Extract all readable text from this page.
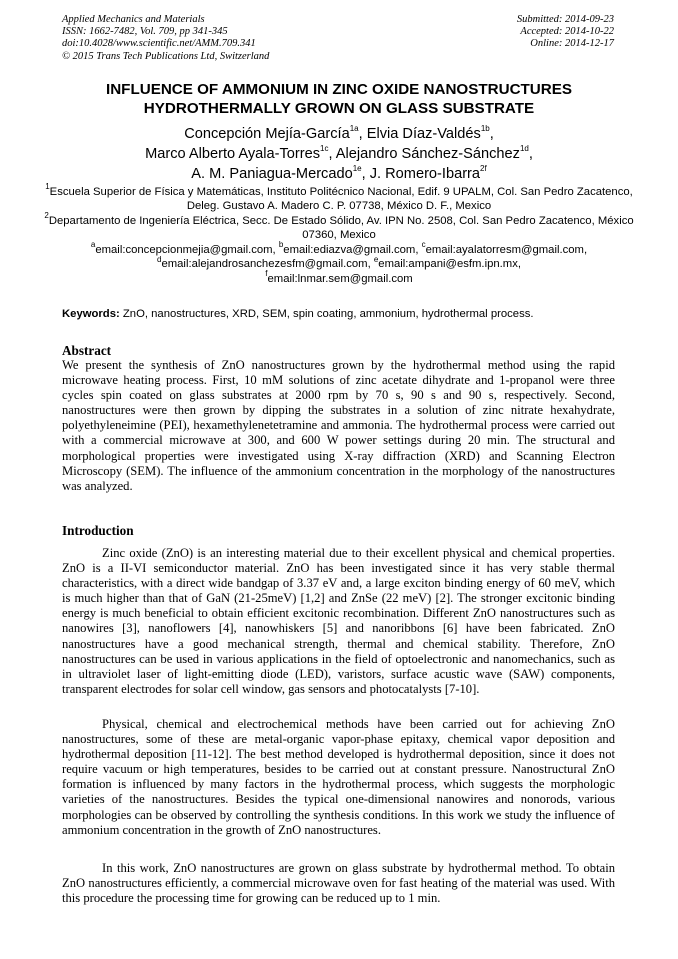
Applied Mechanics and Materials
ISSN: 1662-7482, Vol. 709, pp 341-345
doi:10.4028/www.scientific.net/AMM.709.341
© 2015 Trans Tech Publications Ltd, Switzerland
Submitted: 2014-09-23
Accepted: 2014-10-22
Online: 2014-12-17
INFLUENCE OF AMMONIUM IN ZINC OXIDE NANOSTRUCTURES
HYDROTHERMALLY GROWN ON GLASS SUBSTRATE
Concepción Mejía-García$^{1a}$, Elvia Díaz-Valdés$^{1b}$,
Marco Alberto Ayala-Torres$^{1c}$, Alejandro Sánchez-Sánchez$^{1d}$,
A. M. Paniagua-Mercado$^{1e}$, J. Romero-Ibarra$^{2f}$
$^1$Escuela Superior de Física y Matemáticas, Instituto Politécnico Nacional, Edif. 9 UPALM, Col. San Pedro Zacatenco, Deleg. Gustavo A. Madero C. P. 07738, México D. F., Mexico
$^2$Departamento de Ingeniería Eléctrica, Secc. De Estado Sólido, Av. IPN No. 2508, Col. San Pedro Zacatenco, México 07360, Mexico
$^a$email:concepcionmejia@gmail.com, $^b$email:ediazva@gmail.com, $^c$email:ayalatorresm@gmail.com,
$^d$email:alejandrosanchezesfm@gmail.com, $^e$email:ampani@esfm.ipn.mx,
$^f$email:lnmar.sem@gmail.com
Keywords: ZnO, nanostructures, XRD, SEM, spin coating, ammonium, hydrothermal process.
Abstract
We present the synthesis of ZnO nanostructures grown by the hydrothermal method using the rapid microwave heating process. First, 10 mM solutions of zinc acetate dihydrate and 1-propanol were three cycles spin coated on glass substrates at 2000 rpm by 70 s, 90 s and 90 s, respectively. Second, nanostructures were then grown by dipping the substrates in a solution of zinc nitrate hexahydrate, polyethyleneimine (PEI), hexamethylenetetramine and ammonia. The hydrothermal process were carried out with a commercial microwave at 300, and 600 W power settings during 20 min. The structural and morphological properties were investigated using X-ray diffraction (XRD) and Scanning Electron Microscopy (SEM). The influence of the ammonium concentration in the morphology of the nanostructures was analyzed.
Introduction
Zinc oxide (ZnO) is an interesting material due to their excellent physical and chemical properties. ZnO is a II-VI semiconductor material. ZnO has been investigated since it has very stable thermal characteristics, with a direct wide bandgap of 3.37 eV and, a large exciton binding energy of 60 meV, which is much higher than that of GaN (21-25meV) [1,2] and ZnSe (22 meV) [2]. The stronger excitonic binding energy is much beneficial to obtain efficient excitonic recombination. Different ZnO nanostructures such as nanowires [3], nanoflowers [4], nanowhiskers [5] and nanoribbons [6] have been fabricated. ZnO nanostructures have a good mechanical strength, thermal and chemical stability. Therefore, ZnO nanostructures can be used in various applications in the field of optoelectronic and nanomechanics, such as in ultraviolet laser of light-emitting diode (LED), varistors, surface acustic wave (SAW) components, transparent electrodes for solar cell window, gas sensors and photocatalysts [7-10].
Physical, chemical and electrochemical methods have been carried out for achieving ZnO nanostructures, some of these are metal-organic vapor-phase epitaxy, chemical vapor deposition and hydrothermal deposition [11-12]. The best method developed is hydrothermal deposition, since it does not require vacuum or high temperatures, besides to be carried out at constant pressure. Nanostructural ZnO formation is influenced by many factors in the hydrothermal process, which suggests the morphologic varieties of the nanostructures. Besides the typical one-dimensional nanowires and nonorods, various morphologies can be observed by controlling the synthesis conditions. In this work we study the influence of ammonium concentration in the growth of ZnO nanostructures.
In this work, ZnO nanostructures are grown on glass substrate by hydrothermal method. To obtain ZnO nanostructures efficiently, a commercial microwave oven for fast heating of the material was used. With this procedure the processing time for growing can be reduced up to 1 min.
